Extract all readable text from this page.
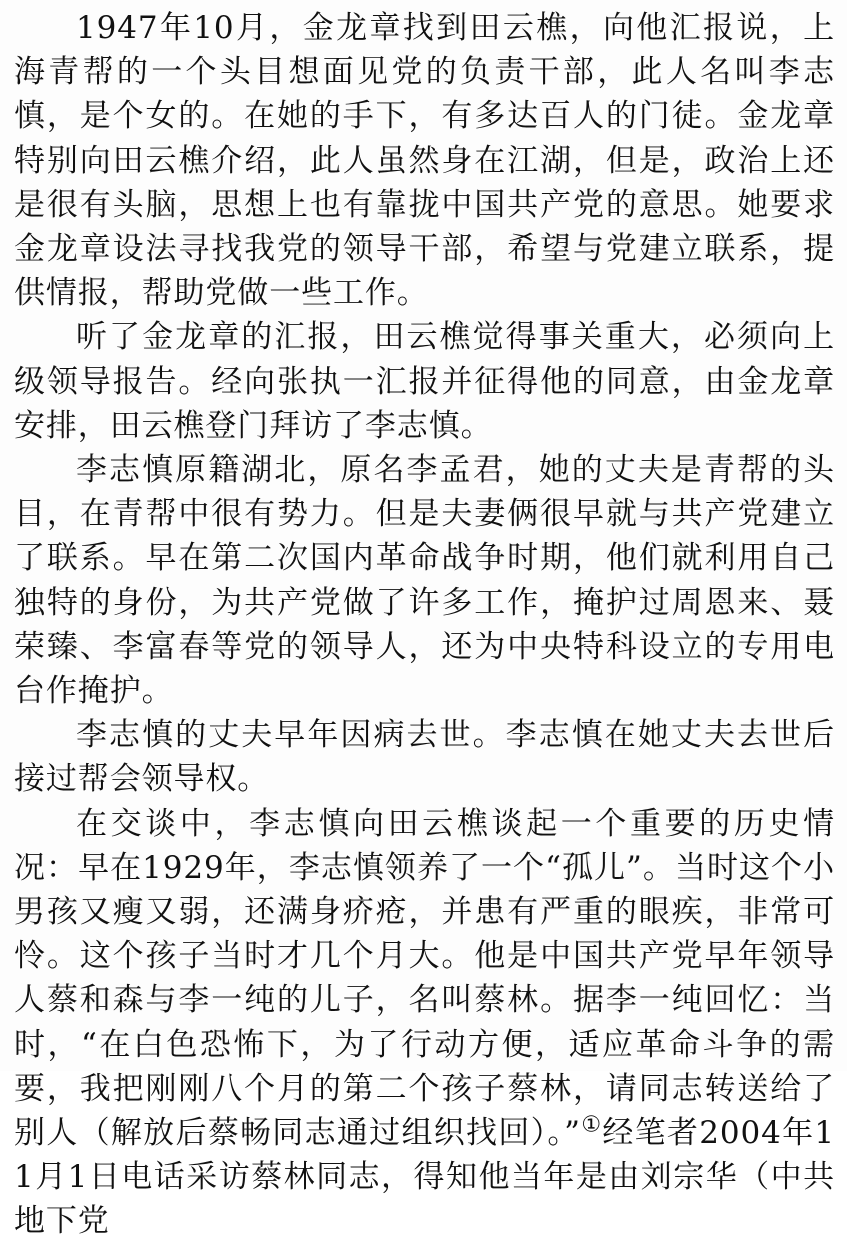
1947年10月，金龙章找到田云樵，向他汇报说，上海青帮的一个头目想面见党的负责干部，此人名叫李志慎，是个女的。在她的手下，有多达百人的门徒。金龙章特别向田云樵介绍，此人虽然身在江湖，但是，政治上还是很有头脑，思想上也有靠拢中国共产党的意思。她要求金龙章设法寻找我党的领导干部，希望与党建立联系，提供情报，帮助党做一些工作。

听了金龙章的汇报，田云樵觉得事关重大，必须向上级领导报告。经向张执一汇报并征得他的同意，由金龙章安排，田云樵登门拜访了李志慎。

李志慎原籍湖北，原名李孟君，她的丈夫是青帮的头目，在青帮中很有势力。但是夫妻俩很早就与共产党建立了联系。早在第二次国内革命战争时期，他们就利用自己独特的身份，为共产党做了许多工作，掩护过周恩来、聂荣臻、李富春等党的领导人，还为中央特科设立的专用电台作掩护。

李志慎的丈夫早年因病去世。李志慎在她丈夫去世后接过帮会领导权。

在交谈中，李志慎向田云樵谈起一个重要的历史情况：早在1929年，李志慎领养了一个“孤儿”。当时这个小男孩又瘦又弱，还满身疥疮，并患有严重的眼疾，非常可怜。这个孩子当时才几个月大。他是中国共产党早年领导人蔡和森与李一纯的儿子，名叫蔡林。据李一纯回忆：当时，“在白色恐怖下，为了行动方便，适应革命斗争的需要，我把刚刚八个月的第二个孩子蔡林，请同志转送给了别人（解放后蔡畅同志通过组织找回）。”①经笔者2004年11月1日电话采访蔡林同志，得知他当年是由刘宗华（中共地下党
